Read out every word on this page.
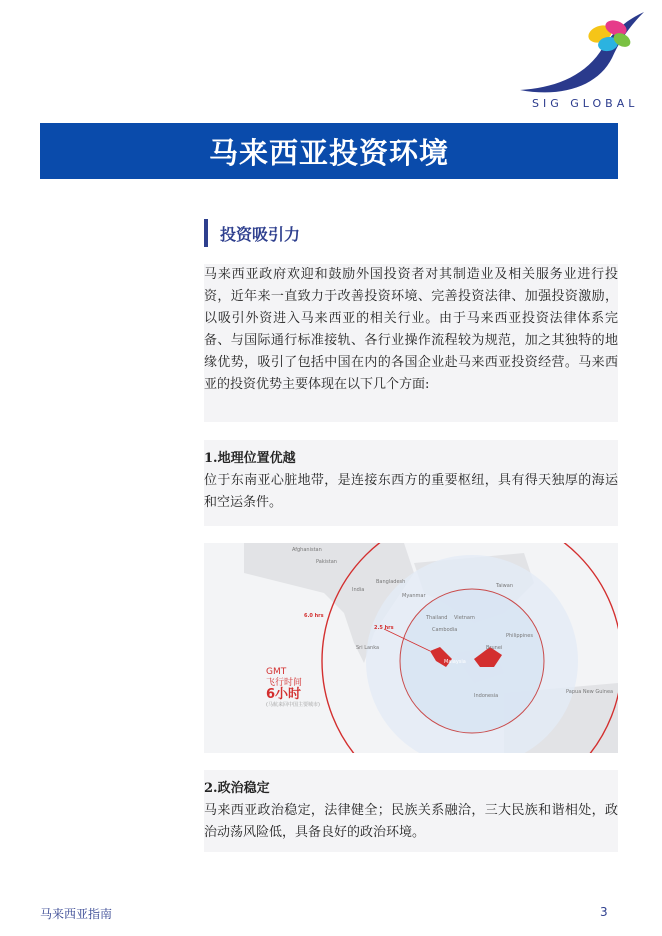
SIG GLOBAL
马来西亚投资环境
投资吸引力

马来西亚政府欢迎和鼓励外国投资者对其制造业及相关服务业进行投资，近年来一直致力于改善投资环境、完善投资法律、加强投资激励，以吸引外资进入马来西亚的相关行业。由于马来西亚投资法律体系完备、与国际通行标准接轨、各行业操作流程较为规范，加之其独特的地缘优势，吸引了包括中国在内的各国企业赴马来西亚投资经营。马来西亚的投资优势主要体现在以下几个方面:

1.地理位置优越

位于东南亚心脏地带，是连接东西方的重要枢纽，具有得天独厚的海运和空运条件。

Afghanistan
Pakistan
India
Bangladesh
Myanmar
Thailand Vietnam
Cambodia
Sri Lanka
Malaysia
Brunei
Philippines
Indonesia
Papua New Guinea
Taiwan
6.0 hrs
2.5 hrs
GMT
飞行时间
6小时
(马航来回中国主要城市)
2.政治稳定

马来西亚政治稳定，法律健全；民族关系融洽，三大民族和谐相处，政治动荡风险低，具备良好的政治环境。

马来西亚指南	3
